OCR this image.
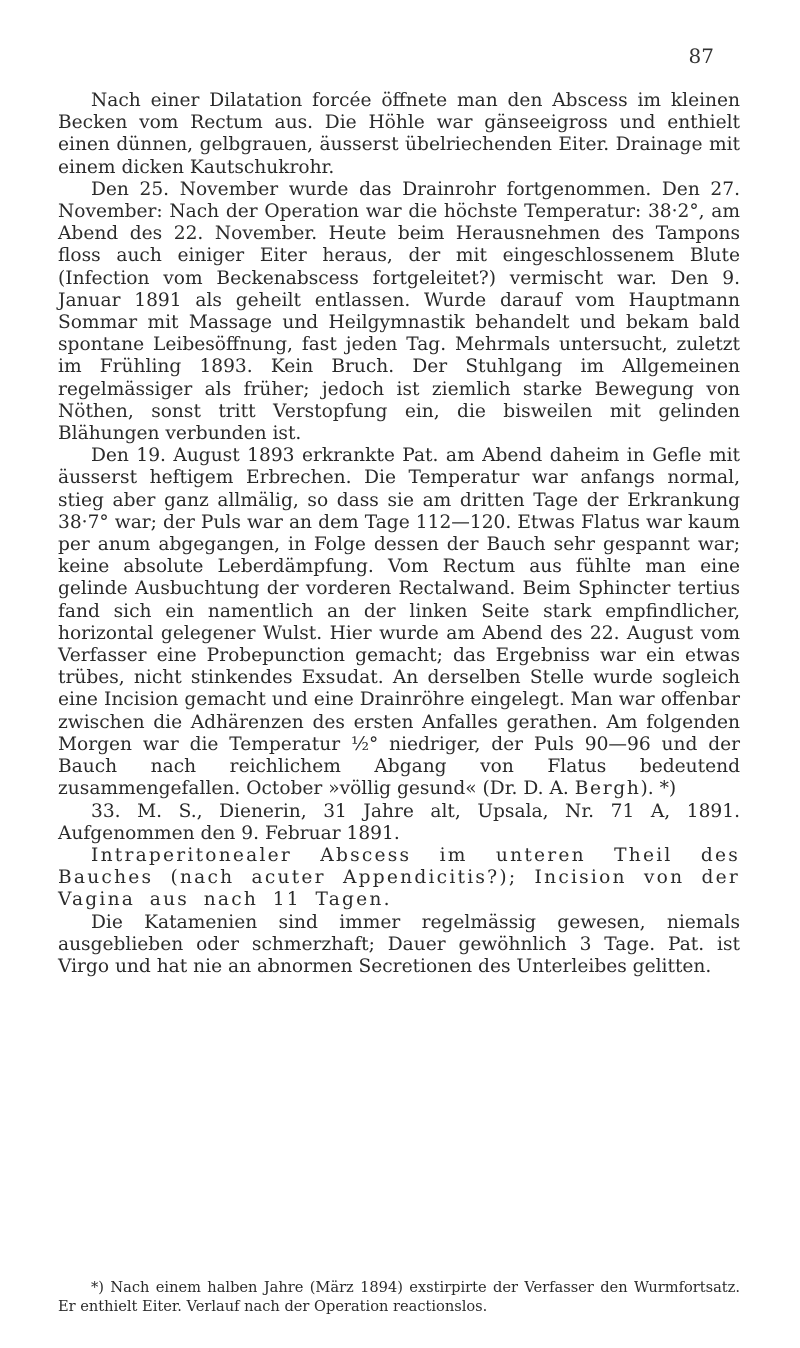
87

Nach einer Dilatation forcée öffnete man den Abscess im kleinen Becken vom Rectum aus. Die Höhle war gänseeigross und enthielt einen dünnen, gelbgrauen, äusserst übelriechenden Eiter. Drainage mit einem dicken Kautschukrohr.

Den 25. November wurde das Drainrohr fortgenommen. Den 27. November: Nach der Operation war die höchste Temperatur: 38·2°, am Abend des 22. November. Heute beim Herausnehmen des Tampons floss auch einiger Eiter heraus, der mit eingeschlossenem Blute (Infection vom Beckenabscess fortgeleitet?) vermischt war. Den 9. Januar 1891 als geheilt entlassen. Wurde darauf vom Hauptmann Sommar mit Massage und Heilgymnastik behandelt und bekam bald spontane Leibesöffnung, fast jeden Tag. Mehrmals untersucht, zuletzt im Frühling 1893. Kein Bruch. Der Stuhlgang im Allgemeinen regelmässiger als früher; jedoch ist ziemlich starke Bewegung von Nöthen, sonst tritt Verstopfung ein, die bisweilen mit gelinden Blähungen verbunden ist.

Den 19. August 1893 erkrankte Pat. am Abend daheim in Gefle mit äusserst heftigem Erbrechen. Die Temperatur war anfangs normal, stieg aber ganz allmälig, so dass sie am dritten Tage der Erkrankung 38·7° war; der Puls war an dem Tage 112—120. Etwas Flatus war kaum per anum abgegangen, in Folge dessen der Bauch sehr gespannt war; keine absolute Leberdämpfung. Vom Rectum aus fühlte man eine gelinde Ausbuchtung der vorderen Rectalwand. Beim Sphincter tertius fand sich ein namentlich an der linken Seite stark empfindlicher, horizontal gelegener Wulst. Hier wurde am Abend des 22. August vom Verfasser eine Probepunction gemacht; das Ergebniss war ein etwas trübes, nicht stinkendes Exsudat. An derselben Stelle wurde sogleich eine Incision gemacht und eine Drainröhre eingelegt. Man war offenbar zwischen die Adhärenzen des ersten Anfalles gerathen. Am folgenden Morgen war die Temperatur ½° niedriger, der Puls 90—96 und der Bauch nach reichlichem Abgang von Flatus bedeutend zusammengefallen. October »völlig gesund« (Dr. D. A. Bergh). *)

33. M. S., Dienerin, 31 Jahre alt, Upsala, Nr. 71 A, 1891. Aufgenommen den 9. Februar 1891.

Intraperitonealer Abscess im unteren Theil des Bauches (nach acuter Appendicitis?); Incision von der Vagina aus nach 11 Tagen.

Die Katamenien sind immer regelmässig gewesen, niemals ausgeblieben oder schmerzhaft; Dauer gewöhnlich 3 Tage. Pat. ist Virgo und hat nie an abnormen Secretionen des Unterleibes gelitten.

*) Nach einem halben Jahre (März 1894) exstirpirte der Verfasser den Wurmfortsatz. Er enthielt Eiter. Verlauf nach der Operation reactionslos.
